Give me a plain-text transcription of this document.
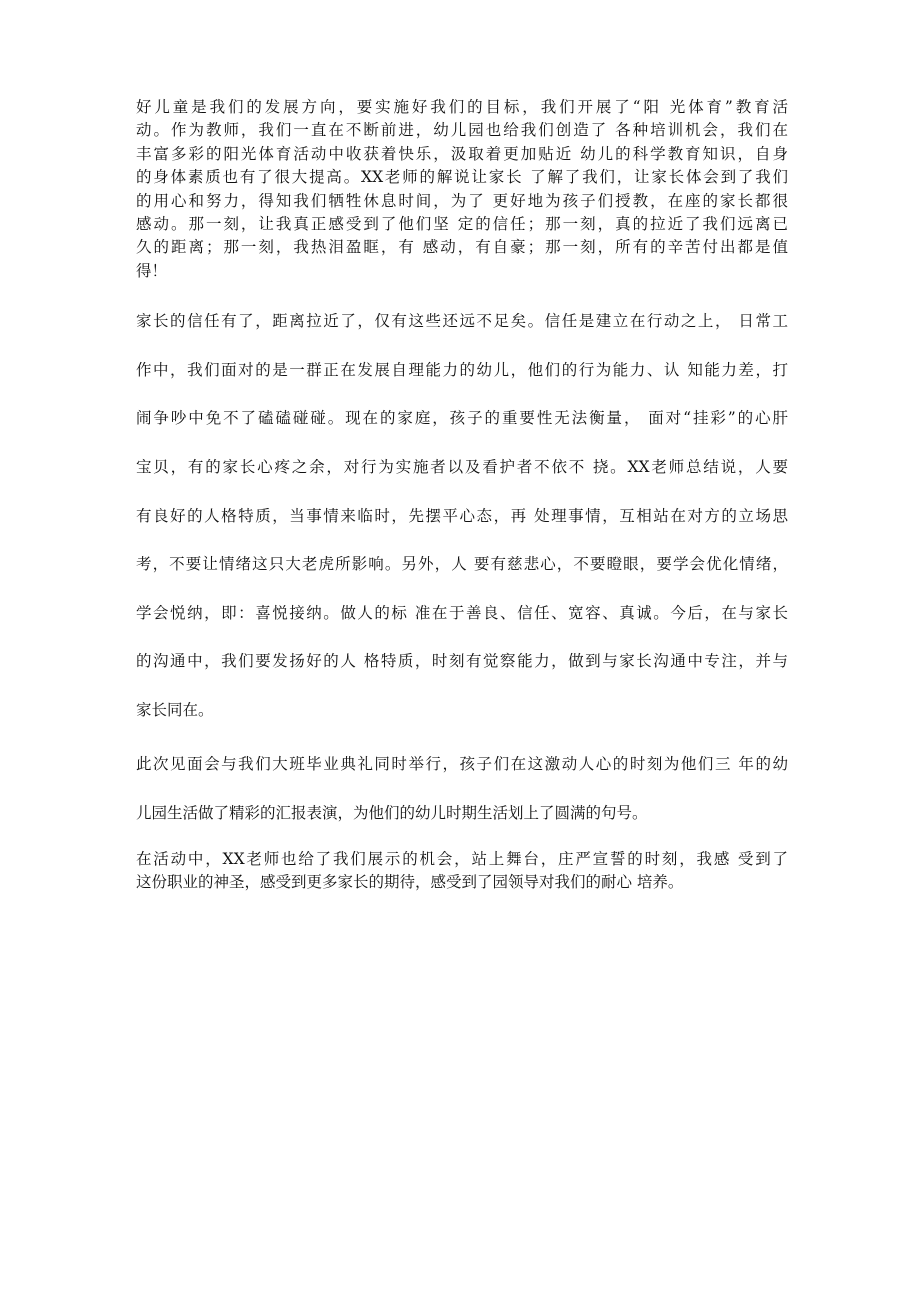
好儿童是我们的发展方向，要实施好我们的目标，我们开展了“阳 光体育”教育活
动。作为教师，我们一直在不断前进，幼儿园也给我们创造了 各种培训机会，我们在
丰富多彩的阳光体育活动中收获着快乐，汲取着更加贴近 幼儿的科学教育知识，自身
的身体素质也有了很大提高。XX老师的解说让家长 了解了我们，让家长体会到了我们
的用心和努力，得知我们牺牲休息时间，为了 更好地为孩子们授教，在座的家长都很
感动。那一刻，让我真正感受到了他们坚 定的信任；那一刻，真的拉近了我们远离已
久的距离；那一刻，我热泪盈眶，有 感动，有自豪；那一刻，所有的辛苦付出都是值
得！
家长的信任有了，距离拉近了，仅有这些还远不足矣。信任是建立在行动之上， 日常工
作中，我们面对的是一群正在发展自理能力的幼儿，他们的行为能力、认 知能力差，打
闹争吵中免不了磕磕碰碰。现在的家庭，孩子的重要性无法衡量， 面对“挂彩”的心肝
宝贝，有的家长心疼之余，对行为实施者以及看护者不依不 挠。XX老师总结说，人要
有良好的人格特质，当事情来临时，先摆平心态，再 处理事情，互相站在对方的立场思
考，不要让情绪这只大老虎所影响。另外，人 要有慈悲心，不要瞪眼，要学会优化情绪，
学会悦纳，即：喜悦接纳。做人的标 准在于善良、信任、宽容、真诚。今后，在与家长
的沟通中，我们要发扬好的人 格特质，时刻有觉察能力，做到与家长沟通中专注，并与
家长同在。
此次见面会与我们大班毕业典礼同时举行，孩子们在这激动人心的时刻为他们三 年的幼
儿园生活做了精彩的汇报表演，为他们的幼儿时期生活划上了圆满的句号。
在活动中，XX老师也给了我们展示的机会，站上舞台，庄严宣誓的时刻，我感 受到了
这份职业的神圣，感受到更多家长的期待，感受到了园领导对我们的耐心 培养。
